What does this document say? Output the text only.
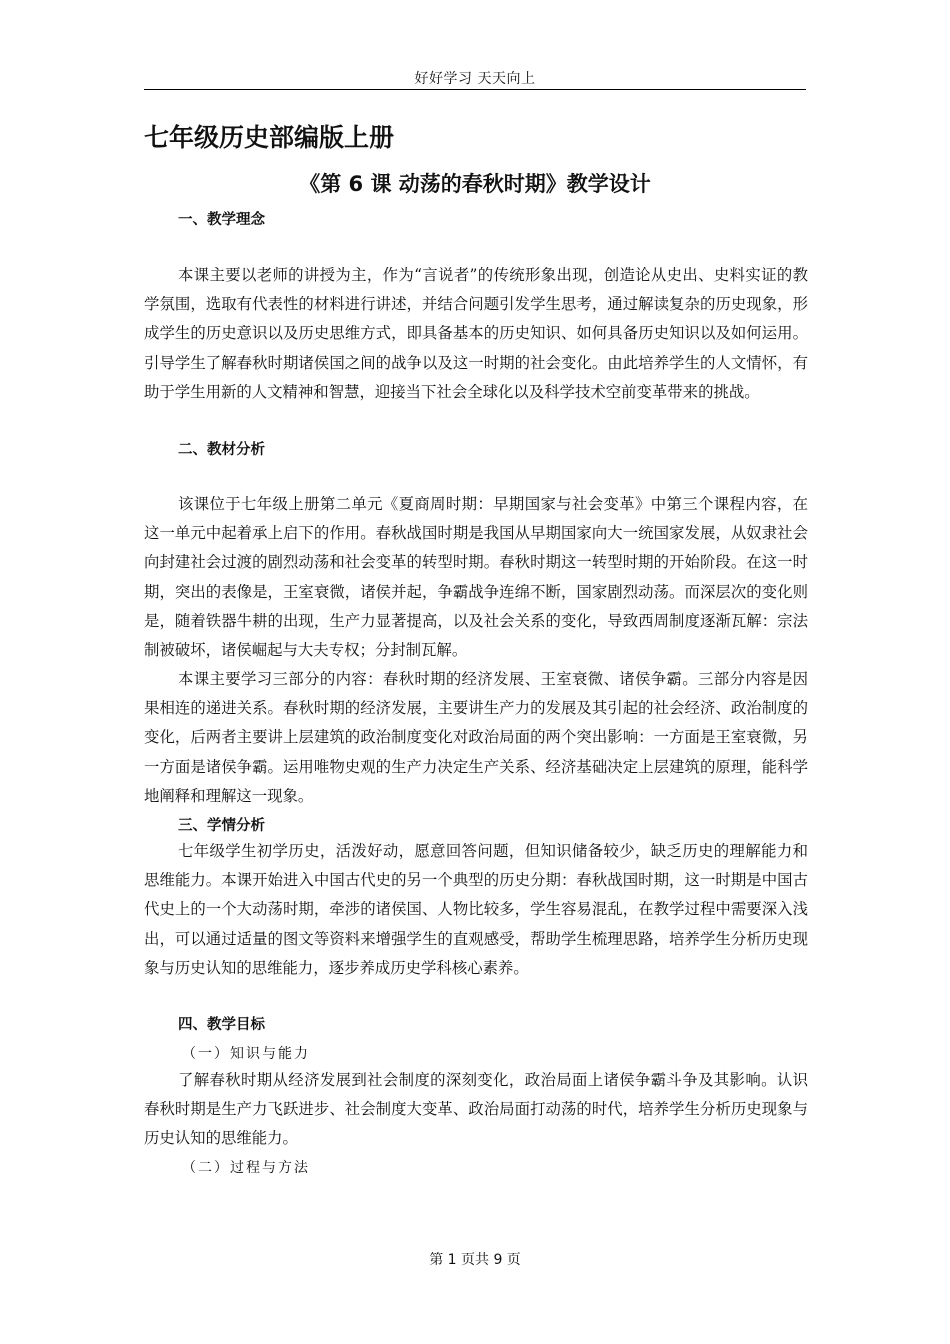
好好学习 天天向上
七年级历史部编版上册
《第 6 课 动荡的春秋时期》教学设计
一、教学理念

本课主要以老师的讲授为主，作为“言说者”的传统形象出现，创造论从史出、史料实证的教学氛围，选取有代表性的材料进行讲述，并结合问题引发学生思考，通过解读复杂的历史现象，形成学生的历史意识以及历史思维方式，即具备基本的历史知识、如何具备历史知识以及如何运用。引导学生了解春秋时期诸侯国之间的战争以及这一时期的社会变化。由此培养学生的人文情怀，有助于学生用新的人文精神和智慧，迎接当下社会全球化以及科学技术空前变革带来的挑战。

二、教材分析

该课位于七年级上册第二单元《夏商周时期：早期国家与社会变革》中第三个课程内容，在这一单元中起着承上启下的作用。春秋战国时期是我国从早期国家向大一统国家发展，从奴隶社会向封建社会过渡的剧烈动荡和社会变革的转型时期。春秋时期这一转型时期的开始阶段。在这一时期，突出的表像是，王室衰微，诸侯并起，争霸战争连绵不断，国家剧烈动荡。而深层次的变化则是，随着铁器牛耕的出现，生产力显著提高，以及社会关系的变化，导致西周制度逐渐瓦解：宗法制被破坏，诸侯崛起与大夫专权；分封制瓦解。

本课主要学习三部分的内容：春秋时期的经济发展、王室衰微、诸侯争霸。三部分内容是因果相连的递进关系。春秋时期的经济发展，主要讲生产力的发展及其引起的社会经济、政治制度的变化，后两者主要讲上层建筑的政治制度变化对政治局面的两个突出影响：一方面是王室衰微，另一方面是诸侯争霸。运用唯物史观的生产力决定生产关系、经济基础决定上层建筑的原理，能科学地阐释和理解这一现象。

三、学情分析

七年级学生初学历史，活泼好动，愿意回答问题，但知识储备较少，缺乏历史的理解能力和思维能力。本课开始进入中国古代史的另一个典型的历史分期：春秋战国时期，这一时期是中国古代史上的一个大动荡时期，牵涉的诸侯国、人物比较多，学生容易混乱，在教学过程中需要深入浅出，可以通过适量的图文等资料来增强学生的直观感受，帮助学生梳理思路，培养学生分析历史现象与历史认知的思维能力，逐步养成历史学科核心素养。

四、教学目标
（一）知识与能力

了解春秋时期从经济发展到社会制度的深刻变化，政治局面上诸侯争霸斗争及其影响。认识春秋时期是生产力飞跃进步、社会制度大变革、政治局面打动荡的时代，培养学生分析历史现象与历史认知的思维能力。

（二）过程与方法
第 1 页共 9 页
